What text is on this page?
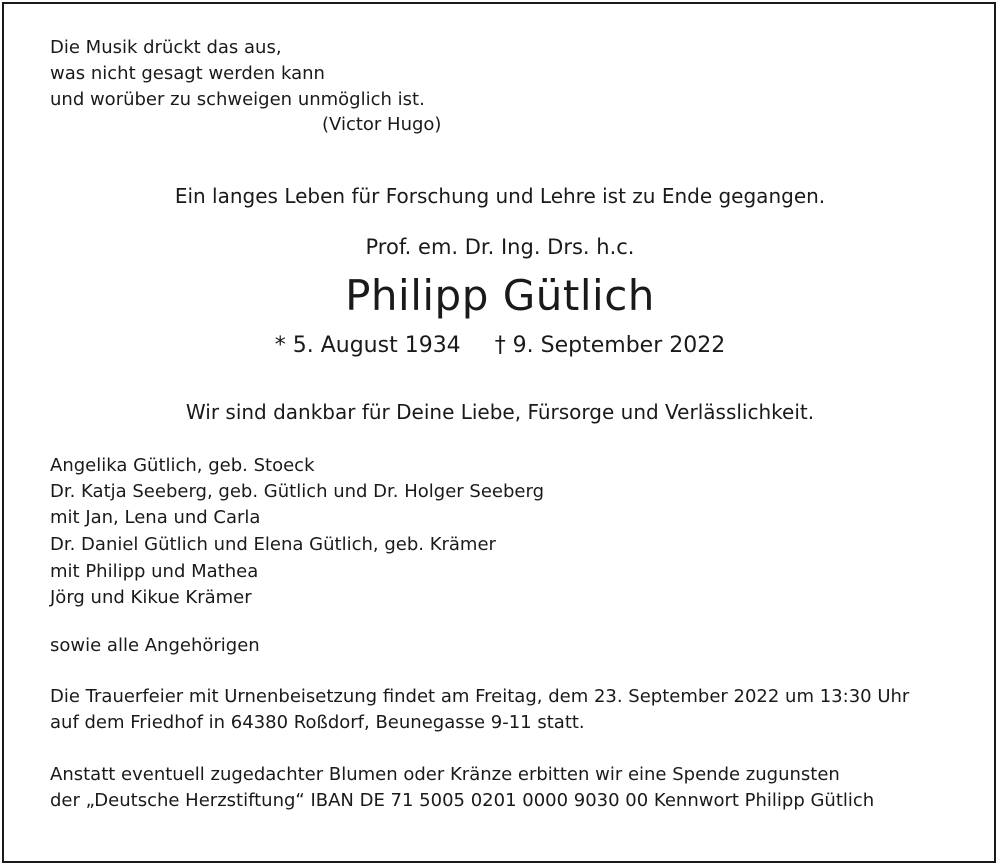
Die Musik drückt das aus,
was nicht gesagt werden kann
und worüber zu schweigen unmöglich ist.
(Victor Hugo)
Ein langes Leben für Forschung und Lehre ist zu Ende gegangen.
Prof. em. Dr. Ing. Drs. h.c.
Philipp Gütlich
* 5. August 1934 † 9. September 2022
Wir sind dankbar für Deine Liebe, Fürsorge und Verlässlichkeit.
Angelika Gütlich, geb. Stoeck
Dr. Katja Seeberg, geb. Gütlich und Dr. Holger Seeberg
mit Jan, Lena und Carla
Dr. Daniel Gütlich und Elena Gütlich, geb. Krämer
mit Philipp und Mathea
Jörg und Kikue Krämer
sowie alle Angehörigen
Die Trauerfeier mit Urnenbeisetzung findet am Freitag, dem 23. September 2022 um 13:30 Uhr
auf dem Friedhof in 64380 Roßdorf, Beunegasse 9-11 statt.
Anstatt eventuell zugedachter Blumen oder Kränze erbitten wir eine Spende zugunsten
der „Deutsche Herzstiftung“ IBAN DE 71 5005 0201 0000 9030 00 Kennwort Philipp Gütlich
